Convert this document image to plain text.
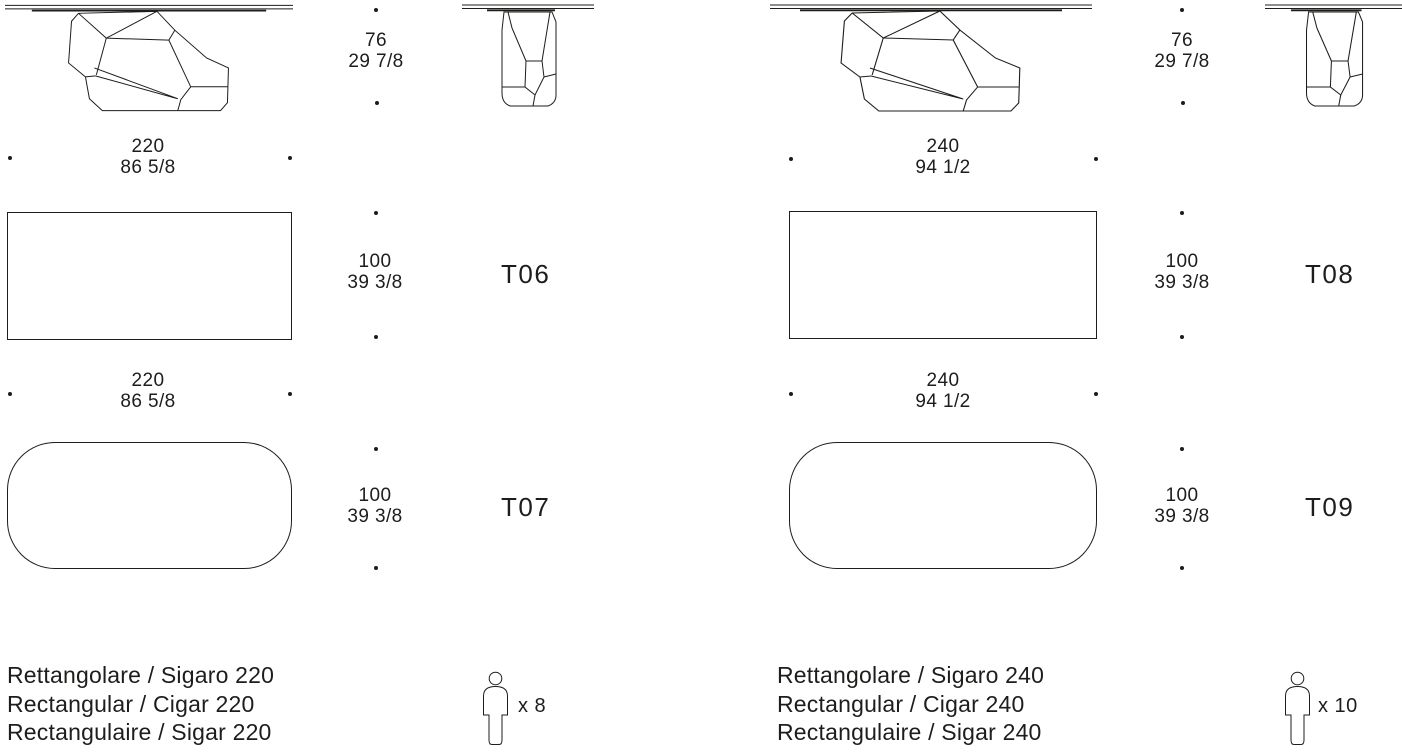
76
29 7/8
220
86 5/8
100
39 3/8	T06
220
86 5/8
100
39 3/8	T07
Rettangolare / Sigaro 220
Rectangular / Cigar 220
Rectangulaire / Sigar 220
x 8
76
29 7/8
240
94 1/2
100
39 3/8	T08
240
94 1/2
100
39 3/8	T09
Rettangolare / Sigaro 240
Rectangular / Cigar 240
Rectangulaire / Sigar 240
x 10
